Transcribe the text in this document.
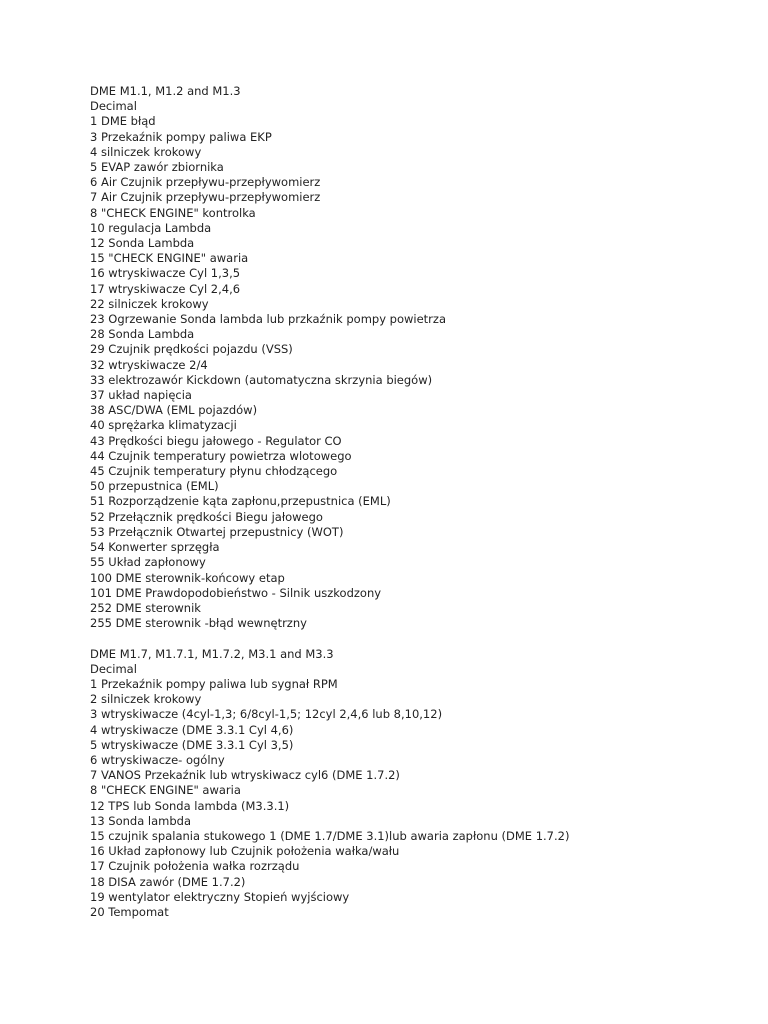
DME M1.1, M1.2 and M1.3
Decimal
1 DME błąd
3 Przekaźnik pompy paliwa EKP
4 silniczek krokowy
5 EVAP zawór zbiornika
6 Air Czujnik przepływu-przepływomierz
7 Air Czujnik przepływu-przepływomierz
8 "CHECK ENGINE" kontrolka
10 regulacja Lambda
12 Sonda Lambda
15 "CHECK ENGINE" awaria
16 wtryskiwacze Cyl 1,3,5
17 wtryskiwacze Cyl 2,4,6
22 silniczek krokowy
23 Ogrzewanie Sonda lambda lub przkaźnik pompy powietrza
28 Sonda Lambda
29 Czujnik prędkości pojazdu (VSS)
32 wtryskiwacze 2/4
33 elektrozawór Kickdown (automatyczna skrzynia biegów)
37 układ napięcia
38 ASC/DWA (EML pojazdów)
40 sprężarka klimatyzacji
43 Prędkości biegu jałowego - Regulator CO
44 Czujnik temperatury powietrza wlotowego
45 Czujnik temperatury płynu chłodzącego
50 przepustnica (EML)
51 Rozporządzenie kąta zapłonu,przepustnica (EML)
52 Przełącznik prędkości Biegu jałowego
53 Przełącznik Otwartej przepustnicy (WOT)
54 Konwerter sprzęgła
55 Układ zapłonowy
100 DME sterownik-końcowy etap
101 DME Prawdopodobieństwo - Silnik uszkodzony
252 DME sterownik
255 DME sterownik -błąd wewnętrzny
DME M1.7, M1.7.1, M1.7.2, M3.1 and M3.3
Decimal
1 Przekaźnik pompy paliwa lub sygnał RPM
2 silniczek krokowy
3 wtryskiwacze (4cyl-1,3; 6/8cyl-1,5; 12cyl 2,4,6 lub 8,10,12)
4 wtryskiwacze (DME 3.3.1 Cyl 4,6)
5 wtryskiwacze (DME 3.3.1 Cyl 3,5)
6 wtryskiwacze- ogólny
7 VANOS Przekaźnik lub wtryskiwacz cyl6 (DME 1.7.2)
8 "CHECK ENGINE" awaria
12 TPS lub Sonda lambda (M3.3.1)
13 Sonda lambda
15 czujnik spalania stukowego 1 (DME 1.7/DME 3.1)lub awaria zapłonu (DME 1.7.2)
16 Układ zapłonowy lub Czujnik położenia wałka/wału
17 Czujnik położenia wałka rozrządu
18 DISA zawór (DME 1.7.2)
19 wentylator elektryczny Stopień wyjściowy
20 Tempomat
